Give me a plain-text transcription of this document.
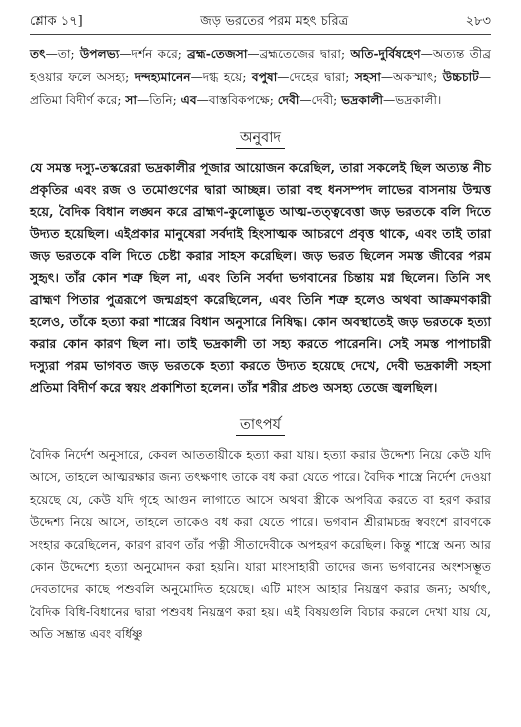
শ্লোক ১৭]	জড় ভরতের পরম মহৎ চরিত্র	২৮৩
তৎ—তা; উপলভ্য—দর্শন করে; ব্রহ্ম-তেজসা—ব্রহ্মতেজের দ্বারা; অতি-দুর্বিষহেণ—অত্যন্ত তীব্র হওয়ার ফলে অসহ্য; দন্দহ্যমানেন—দগ্ধ হয়ে; বপুষা—দেহের দ্বারা; সহসা—অকস্মাৎ; উচ্চচাট—প্রতিমা বিদীর্ণ করে; সা—তিনি; এব—বাস্তবিকপক্ষে; দেবী—দেবী; ভদ্রকালী—ভদ্রকালী।
অনুবাদ
যে সমস্ত দস্যু-তস্করেরা ভদ্রকালীর পূজার আয়োজন করেছিল, তারা সকলেই ছিল অত্যন্ত নীচ প্রকৃতির এবং রজ ও তমোগুণের দ্বারা আচ্ছন্ন। তারা বহু ধনসম্পদ লাভের বাসনায় উন্মত্ত হয়ে, বৈদিক বিধান লঙ্ঘন করে ব্রাহ্মণ-কুলোদ্ভূত আত্ম-তত্ত্ববেত্তা জড় ভরতকে বলি দিতে উদ্যত হয়েছিল। এইপ্রকার মানুষেরা সর্বদাই হিংসাত্মক আচরণে প্রবৃত্ত থাকে, এবং তাই তারা জড় ভরতকে বলি দিতে চেষ্টা করার সাহস করেছিল। জড় ভরত ছিলেন সমস্ত জীবের পরম সুহৃৎ। তাঁর কোন শত্রু ছিল না, এবং তিনি সর্বদা ভগবানের চিন্তায় মগ্ন ছিলেন। তিনি সৎ ব্রাহ্মণ পিতার পুত্ররূপে জন্মগ্রহণ করেছিলেন, এবং তিনি শত্রু হলেও অথবা আক্রমণকারী হলেও, তাঁকে হত্যা করা শাস্ত্রের বিধান অনুসারে নিষিদ্ধ। কোন অবস্থাতেই জড় ভরতকে হত্যা করার কোন কারণ ছিল না। তাই ভদ্রকালী তা সহ্য করতে পারেননি। সেই সমস্ত পাপাচারী দস্যুরা পরম ভাগবত জড় ভরতকে হত্যা করতে উদ্যত হয়েছে দেখে, দেবী ভদ্রকালী সহসা প্রতিমা বিদীর্ণ করে স্বয়ং প্রকাশিতা হলেন। তাঁর শরীর প্রচণ্ড অসহ্য তেজে জ্বলছিল।
তাৎপর্য
বৈদিক নির্দেশ অনুসারে, কেবল আততায়ীকে হত্যা করা যায়। হত্যা করার উদ্দেশ্য নিয়ে কেউ যদি আসে, তাহলে আত্মরক্ষার জন্য তৎক্ষণাৎ তাকে বধ করা যেতে পারে। বৈদিক শাস্ত্রে নির্দেশ দেওয়া হয়েছে যে, কেউ যদি গৃহে আগুন লাগাতে আসে অথবা স্ত্রীকে অপবিত্র করতে বা হরণ করার উদ্দেশ্য নিয়ে আসে, তাহলে তাকেও বধ করা যেতে পারে। ভগবান শ্রীরামচন্দ্র স্ববংশে রাবণকে সংহার করেছিলেন, কারণ রাবণ তাঁর পত্নী সীতাদেবীকে অপহরণ করেছিল। কিন্তু শাস্ত্রে অন্য আর কোন উদ্দেশ্যে হত্যা অনুমোদন করা হয়নি। যারা মাংসাহারী তাদের জন্য ভগবানের অংশসম্ভূত দেবতাদের কাছে পশুবলি অনুমোদিত হয়েছে। এটি মাংস আহার নিয়ন্ত্রণ করার জন্য; অর্থাৎ, বৈদিক বিধি-বিধানের দ্বারা পশুবধ নিয়ন্ত্রণ করা হয়। এই বিষয়গুলি বিচার করলে দেখা যায় যে, অতি সম্ভ্রান্ত এবং বর্ধিষ্ণু
